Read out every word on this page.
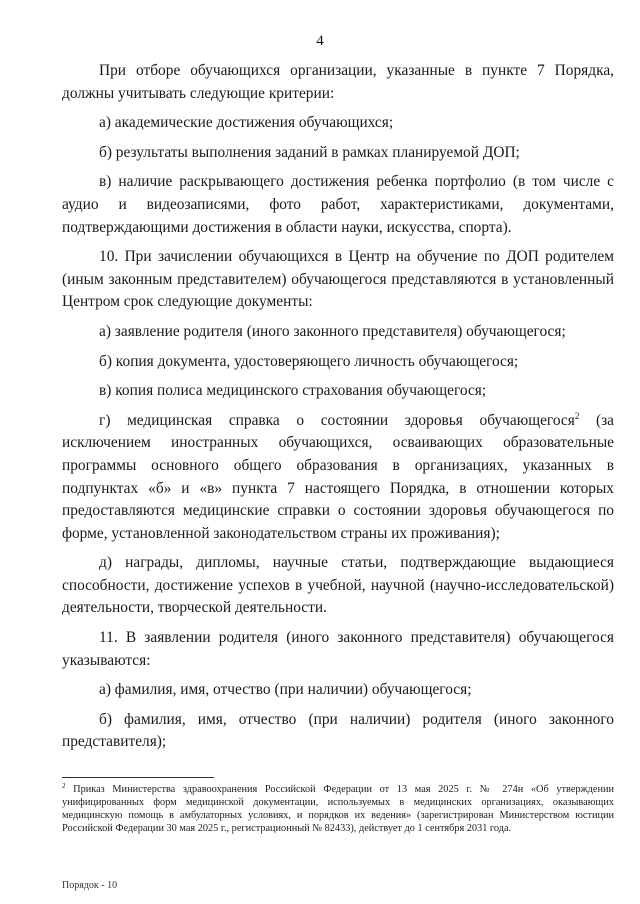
4

При отборе обучающихся организации, указанные в пункте 7 Порядка, должны учитывать следующие критерии:

а) академические достижения обучающихся;

б) результаты выполнения заданий в рамках планируемой ДОП;

в) наличие раскрывающего достижения ребенка портфолио (в том числе с аудио и видеозаписями, фото работ, характеристиками, документами, подтверждающими достижения в области науки, искусства, спорта).

10. При зачислении обучающихся в Центр на обучение по ДОП родителем (иным законным представителем) обучающегося представляются в установленный Центром срок следующие документы:

а) заявление родителя (иного законного представителя) обучающегося;

б) копия документа, удостоверяющего личность обучающегося;

в) копия полиса медицинского страхования обучающегося;

г) медицинская справка о состоянии здоровья обучающегося$^2$ (за исключением иностранных обучающихся, осваивающих образовательные программы основного общего образования в организациях, указанных в подпунктах «б» и «в» пункта 7 настоящего Порядка, в отношении которых предоставляются медицинские справки о состоянии здоровья обучающегося по форме, установленной законодательством страны их проживания);

д) награды, дипломы, научные статьи, подтверждающие выдающиеся способности, достижение успехов в учебной, научной (научно-исследовательской) деятельности, творческой деятельности.

11. В заявлении родителя (иного законного представителя) обучающегося указываются:

а) фамилия, имя, отчество (при наличии) обучающегося;

б) фамилия, имя, отчество (при наличии) родителя (иного законного представителя);

$^2$ Приказ Министерства здравоохранения Российской Федерации от 13 мая 2025 г. № 274н «Об утверждении унифицированных форм медицинской документации, используемых в медицинских организациях, оказывающих медицинскую помощь в амбулаторных условиях, и порядков их ведения» (зарегистрирован Министерством юстиции Российской Федерации 30 мая 2025 г., регистрационный № 82433), действует до 1 сентября 2031 года.

Порядок - 10
